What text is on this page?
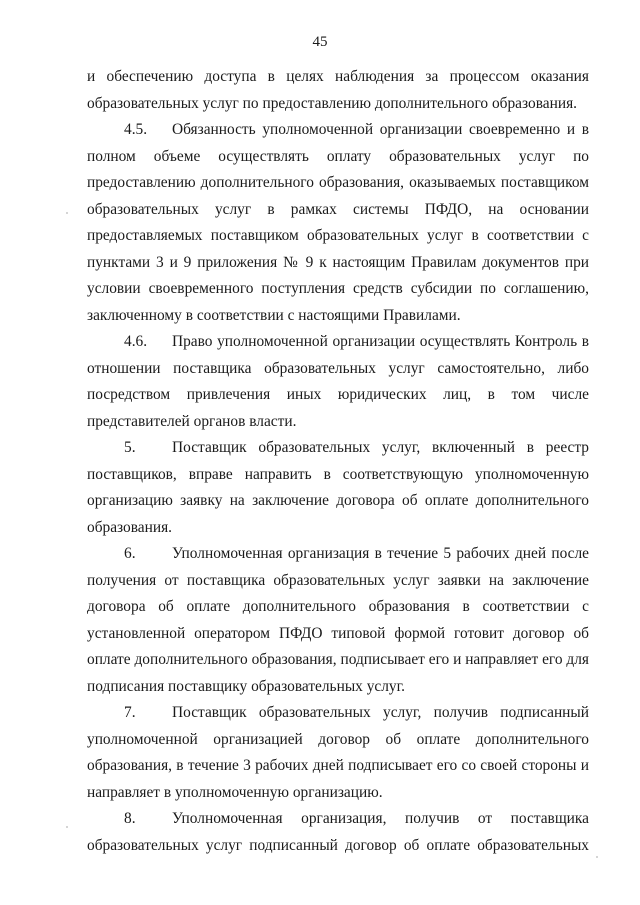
45

и обеспечению доступа в целях наблюдения за процессом оказания образовательных услуг по предоставлению дополнительного образования.

4.5. Обязанность уполномоченной организации своевременно и в полном объеме осуществлять оплату образовательных услуг по предоставлению дополнительного образования, оказываемых поставщиком образовательных услуг в рамках системы ПФДО, на основании предоставляемых поставщиком образовательных услуг в соответствии с пунктами 3 и 9 приложения № 9 к настоящим Правилам документов при условии своевременного поступления средств субсидии по соглашению, заключенному в соответствии с настоящими Правилами.

4.6. Право уполномоченной организации осуществлять Контроль в отношении поставщика образовательных услуг самостоятельно, либо посредством привлечения иных юридических лиц, в том числе представителей органов власти.

5. Поставщик образовательных услуг, включенный в реестр поставщиков, вправе направить в соответствующую уполномоченную организацию заявку на заключение договора об оплате дополнительного образования.

6. Уполномоченная организация в течение 5 рабочих дней после получения от поставщика образовательных услуг заявки на заключение договора об оплате дополнительного образования в соответствии с установленной оператором ПФДО типовой формой готовит договор об оплате дополнительного образования, подписывает его и направляет его для подписания поставщику образовательных услуг.

7. Поставщик образовательных услуг, получив подписанный уполномоченной организацией договор об оплате дополнительного образования, в течение 3 рабочих дней подписывает его со своей стороны и направляет в уполномоченную организацию.

8. Уполномоченная организация, получив от поставщика образовательных услуг подписанный договор об оплате образовательных
